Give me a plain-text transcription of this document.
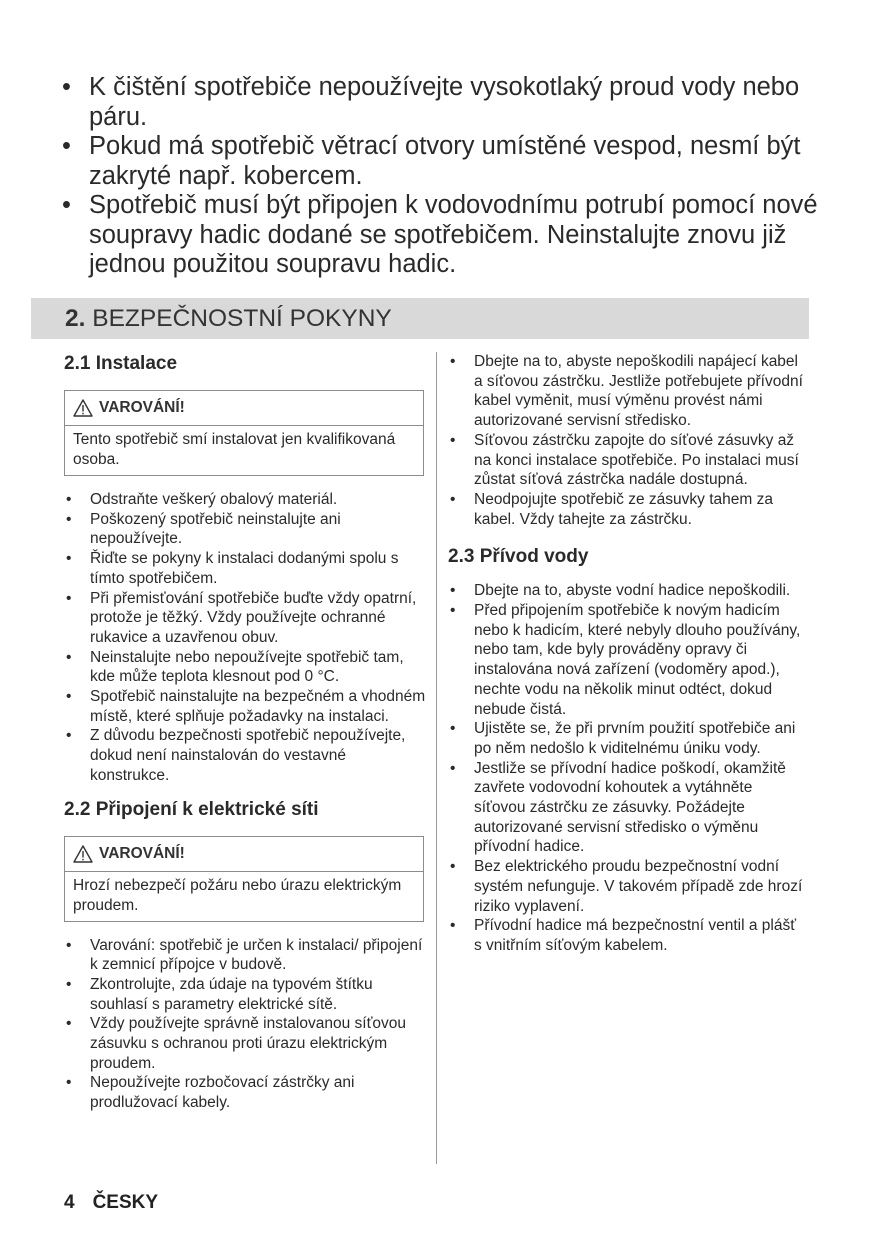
• K čištění spotřebiče nepoužívejte vysokotlaký proud vody nebo páru.
• Pokud má spotřebič větrací otvory umístěné vespod, nesmí být zakryté např. kobercem.
• Spotřebič musí být připojen k vodovodnímu potrubí pomocí nové soupravy hadic dodané se spotřebičem. Neinstalujte znovu již jednou použitou soupravu hadic.
2. BEZPEČNOSTNÍ POKYNY
2.1 Instalace
VAROVÁNÍ!
Tento spotřebič smí instalovat jen kvalifikovaná osoba.
• Odstraňte veškerý obalový materiál.
• Poškozený spotřebič neinstalujte ani nepoužívejte.
• Řiďte se pokyny k instalaci dodanými spolu s tímto spotřebičem.
• Při přemisťování spotřebiče buďte vždy opatrní, protože je těžký. Vždy používejte ochranné rukavice a uzavřenou obuv.
• Neinstalujte nebo nepoužívejte spotřebič tam, kde může teplota klesnout pod 0 °C.
• Spotřebič nainstalujte na bezpečném a vhodném místě, které splňuje požadavky na instalaci.
• Z důvodu bezpečnosti spotřebič nepoužívejte, dokud není nainstalován do vestavné konstrukce.
2.2 Připojení k elektrické síti
VAROVÁNÍ!
Hrozí nebezpečí požáru nebo úrazu elektrickým proudem.
• Varování: spotřebič je určen k instalaci/ připojení k zemnicí přípojce v budově.
• Zkontrolujte, zda údaje na typovém štítku souhlasí s parametry elektrické sítě.
• Vždy používejte správně instalovanou síťovou zásuvku s ochranou proti úrazu elektrickým proudem.
• Nepoužívejte rozbočovací zástrčky ani prodlužovací kabely.
• Dbejte na to, abyste nepoškodili napájecí kabel a síťovou zástrčku. Jestliže potřebujete přívodní kabel vyměnit, musí výměnu provést námi autorizované servisní středisko.
• Síťovou zástrčku zapojte do síťové zásuvky až na konci instalace spotřebiče. Po instalaci musí zůstat síťová zástrčka nadále dostupná.
• Neodpojujte spotřebič ze zásuvky tahem za kabel. Vždy tahejte za zástrčku.
2.3 Přívod vody
• Dbejte na to, abyste vodní hadice nepoškodili.
• Před připojením spotřebiče k novým hadicím nebo k hadicím, které nebyly dlouho používány, nebo tam, kde byly prováděny opravy či instalována nová zařízení (vodoměry apod.), nechte vodu na několik minut odtéct, dokud nebude čistá.
• Ujistěte se, že při prvním použití spotřebiče ani po něm nedošlo k viditelnému úniku vody.
• Jestliže se přívodní hadice poškodí, okamžitě zavřete vodovodní kohoutek a vytáhněte síťovou zástrčku ze zásuvky. Požádejte autorizované servisní středisko o výměnu přívodní hadice.
• Bez elektrického proudu bezpečnostní vodní systém nefunguje. V takovém případě zde hrozí riziko vyplavení.
• Přívodní hadice má bezpečnostní ventil a plášť s vnitřním síťovým kabelem.
4 ČESKY
